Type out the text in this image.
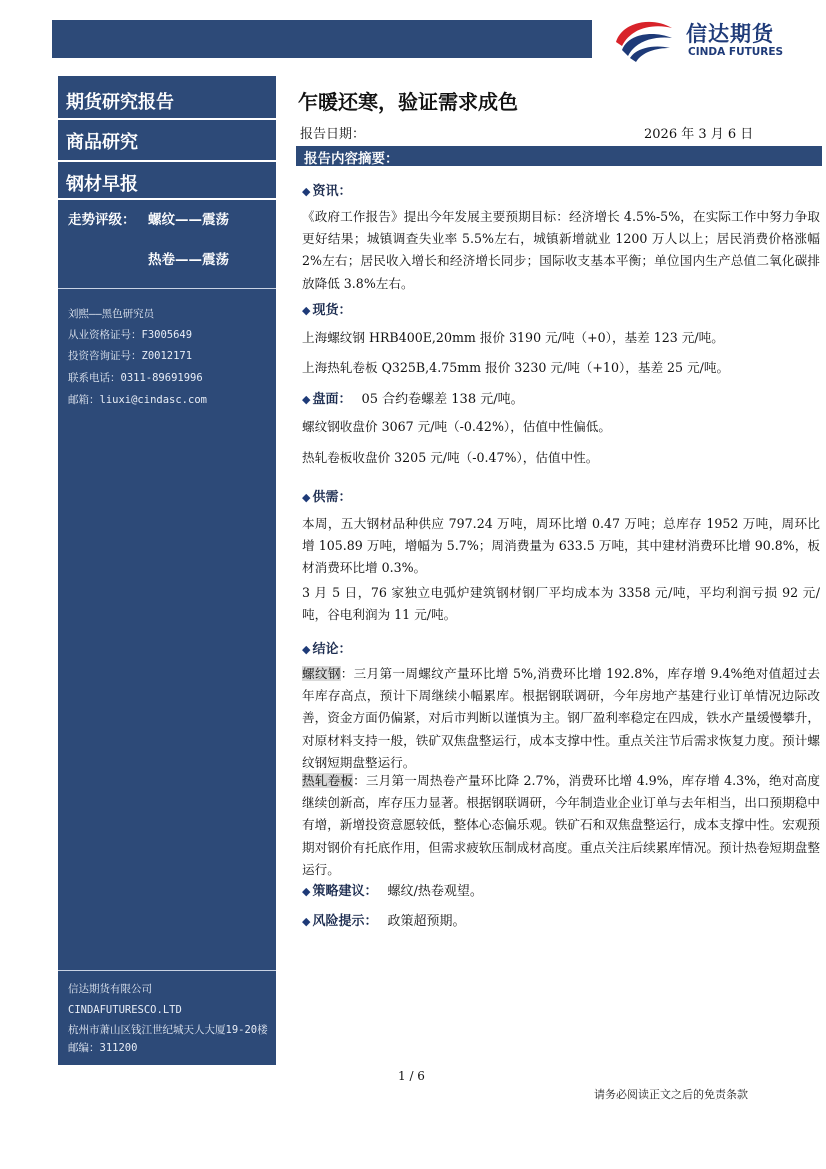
信达期货
CINDA FUTURES
期货研究报告
商品研究
钢材早报
走势评级： 螺纹——震荡
热卷——震荡
刘熙——黑色研究员
从业资格证号：F3005649
投资咨询证号：Z0012171
联系电话：0311-89691996
邮箱：liuxi@cindasc.com
信达期货有限公司
CINDAFUTURESCO.LTD
杭州市萧山区钱江世纪城天人大厦19-20楼
邮编：311200
乍暖还寒，验证需求成色
报告日期：	2026 年 3 月 6 日
报告内容摘要：
◆ 资讯：
《政府工作报告》提出今年发展主要预期目标：经济增长 4.5%-5%，在实际工作中努力争取更好结果；城镇调查失业率 5.5%左右，城镇新增就业 1200 万人以上；居民消费价格涨幅 2%左右；居民收入增长和经济增长同步；国际收支基本平衡；单位国内生产总值二氧化碳排放降低 3.8%左右。
◆ 现货：
上海螺纹钢 HRB400E,20mm 报价 3190 元/吨（+0），基差 123 元/吨。
上海热轧卷板 Q325B,4.75mm 报价 3230 元/吨（+10），基差 25 元/吨。
◆ 盘面： 05 合约卷螺差 138 元/吨。
螺纹钢收盘价 3067 元/吨（-0.42%），估值中性偏低。
热轧卷板收盘价 3205 元/吨（-0.47%），估值中性。
◆ 供需：
本周，五大钢材品种供应 797.24 万吨，周环比增 0.47 万吨；总库存 1952 万吨，周环比增 105.89 万吨，增幅为 5.7%；周消费量为 633.5 万吨，其中建材消费环比增 90.8%，板材消费环比增 0.3%。
3 月 5 日，76 家独立电弧炉建筑钢材钢厂平均成本为 3358 元/吨，平均利润亏损 92 元/吨，谷电利润为 11 元/吨。
◆ 结论：
螺纹钢：三月第一周螺纹产量环比增 5%,消费环比增 192.8%，库存增 9.4%绝对值超过去年库存高点，预计下周继续小幅累库。根据钢联调研，今年房地产基建行业订单情况边际改善，资金方面仍偏紧，对后市判断以谨慎为主。钢厂盈利率稳定在四成，铁水产量缓慢攀升，对原材料支持一般，铁矿双焦盘整运行，成本支撑中性。重点关注节后需求恢复力度。预计螺纹钢短期盘整运行。
热轧卷板：三月第一周热卷产量环比降 2.7%，消费环比增 4.9%，库存增 4.3%，绝对高度继续创新高，库存压力显著。根据钢联调研，今年制造业企业订单与去年相当，出口预期稳中有增，新增投资意愿较低，整体心态偏乐观。铁矿石和双焦盘整运行，成本支撑中性。宏观预期对钢价有托底作用，但需求疲软压制成材高度。重点关注后续累库情况。预计热卷短期盘整运行。
◆ 策略建议： 螺纹/热卷观望。
◆ 风险提示： 政策超预期。
1 / 6
请务必阅读正文之后的免责条款
